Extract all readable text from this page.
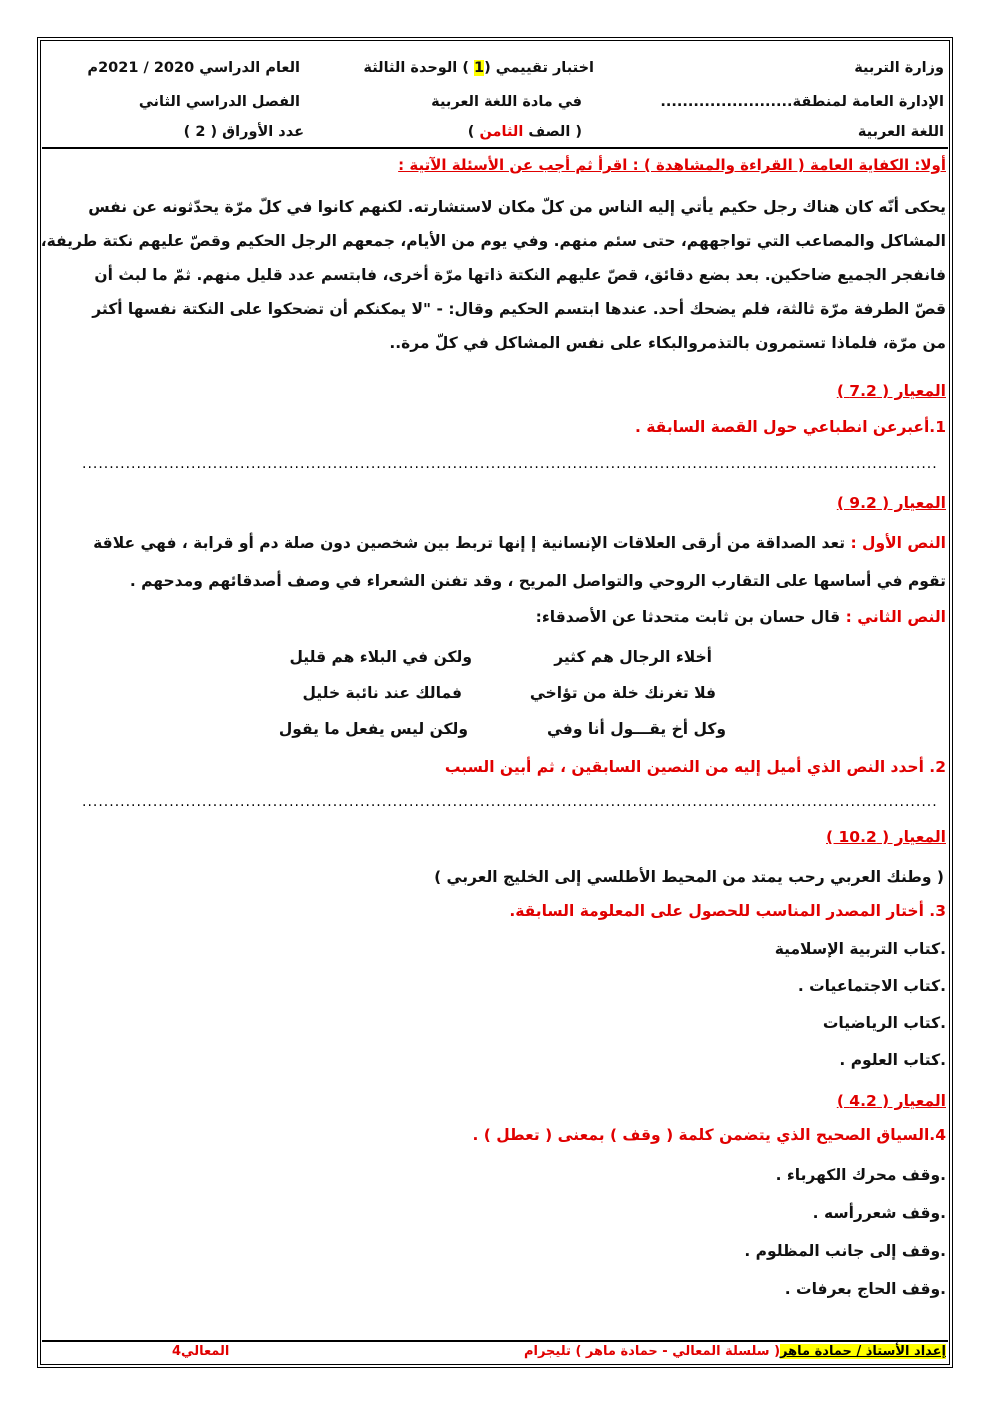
وزارة التربية
الإدارة العامة لمنطقة........................
اللغة العربية
اختبار تقييمي (1 ) الوحدة الثالثة
في مادة اللغة العربية
( الصف الثامن )
العام الدراسي 2020 / 2021م
الفصل الدراسي الثاني
عدد الأوراق ( 2 )
أولا: الكفاية العامة ( القراءة والمشاهدة ) : اقرأ ثم أجب عن الأسئلة الآتية :
يحكى أنّه كان هناك رجل حكيم يأتي إليه الناس من كلّ مكان لاستشارته. لكنهم كانوا في كلّ مرّة يحدّثونه عن نفس
المشاكل والمصاعب التي تواجههم، حتى سئم منهم. وفي يوم من الأيام، جمعهم الرجل الحكيم وقصّ عليهم نكتة طريفة،
فانفجر الجميع ضاحكين. بعد بضع دقائق، قصّ عليهم النكتة ذاتها مرّة أخرى، فابتسم عدد قليل منهم. ثمّ ما لبث أن
قصّ الطرفة مرّة ثالثة، فلم يضحك أحد. عندها ابتسم الحكيم وقال: - "لا يمكنكم أن تضحكوا على النكتة نفسها أكثر
من مرّة، فلماذا تستمرون بالتذمروالبكاء على نفس المشاكل في كلّ مرة..
المعيار ( 7.2 )
1.أعبرعن انطباعي حول القصة السابقة .
.............................................................................................................................................................
المعيار ( 9.2 )
النص الأول : تعد الصداقة من أرقى العلاقات الإنسانية إ إنها تربط بين شخصين دون صلة دم أو قرابة ، فهي علاقة
تقوم في أساسها على التقارب الروحي والتواصل المريح ، وقد تفنن الشعراء في وصف أصدقائهم ومدحهم .
النص الثاني : قال حسان بن ثابت متحدثا عن الأصدقاء:
أخلاء الرجال هم كثير
ولكن في البلاء هم قليل
فلا تغرنك خلة من تؤاخي
فمالك عند نائبة خليل
وكل أخ يقـــول أنا وفي
ولكن ليس يفعل ما يقول
2. أحدد النص الذي أميل إليه من النصين السابقين ، ثم أبين السبب
.............................................................................................................................................................
المعيار ( 10.2 )
( وطنك العربي رحب يمتد من المحيط الأطلسي إلى الخليج العربي )
3. أختار المصدر المناسب للحصول على المعلومة السابقة.
.كتاب التربية الإسلامية
.كتاب الاجتماعيات .
.كتاب الرياضيات
.كتاب العلوم .
المعيار ( 4.2 )
4.السياق الصحيح الذي يتضمن كلمة ( وقف ) بمعنى ( تعطل ) .
.وقف محرك الكهرباء .
.وقف شعررأسه .
.وقف إلى جانب المظلوم .
.وقف الحاج بعرفات .
إعداد الأستاذ / حمادة ماهر( سلسلة المعالي - حمادة ماهر ) تليجرام
المعالي4
